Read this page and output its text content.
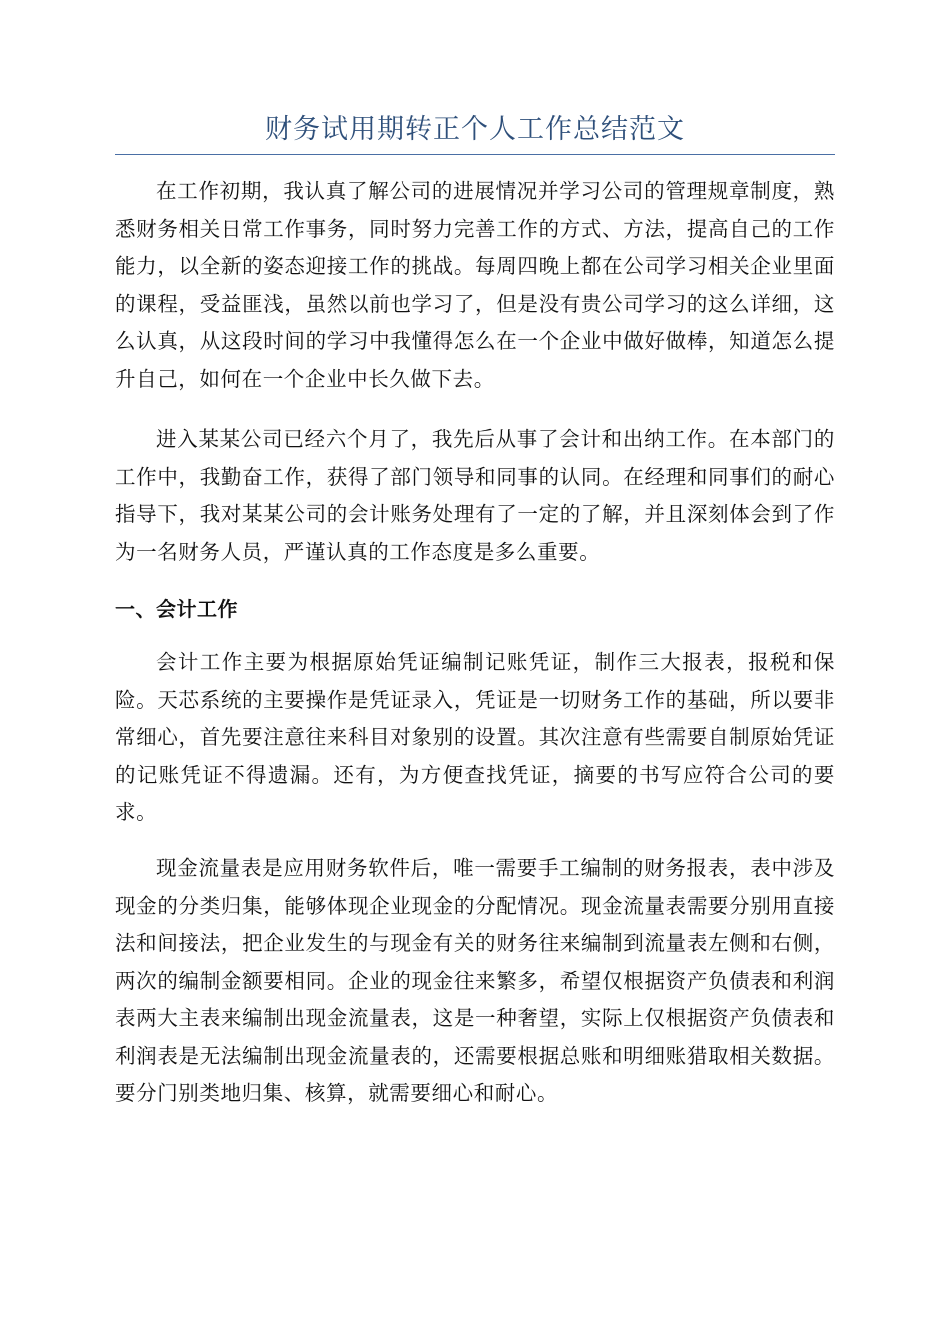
财务试用期转正个人工作总结范文

在工作初期，我认真了解公司的进展情况并学习公司的管理规章制度，熟悉财务相关日常工作事务，同时努力完善工作的方式、方法，提高自己的工作能力，以全新的姿态迎接工作的挑战。每周四晚上都在公司学习相关企业里面的课程，受益匪浅，虽然以前也学习了，但是没有贵公司学习的这么详细，这么认真，从这段时间的学习中我懂得怎么在一个企业中做好做棒，知道怎么提升自己，如何在一个企业中长久做下去。

进入某某公司已经六个月了，我先后从事了会计和出纳工作。在本部门的工作中，我勤奋工作，获得了部门领导和同事的认同。在经理和同事们的耐心指导下，我对某某公司的会计账务处理有了一定的了解，并且深刻体会到了作为一名财务人员，严谨认真的工作态度是多么重要。

一、会计工作

会计工作主要为根据原始凭证编制记账凭证，制作三大报表，报税和保险。天芯系统的主要操作是凭证录入，凭证是一切财务工作的基础，所以要非常细心，首先要注意往来科目对象别的设置。其次注意有些需要自制原始凭证的记账凭证不得遗漏。还有，为方便查找凭证，摘要的书写应符合公司的要求。

现金流量表是应用财务软件后，唯一需要手工编制的财务报表，表中涉及现金的分类归集，能够体现企业现金的分配情况。现金流量表需要分别用直接法和间接法，把企业发生的与现金有关的财务往来编制到流量表左侧和右侧，两次的编制金额要相同。企业的现金往来繁多，希望仅根据资产负债表和利润表两大主表来编制出现金流量表，这是一种奢望，实际上仅根据资产负债表和利润表是无法编制出现金流量表的，还需要根据总账和明细账猎取相关数据。要分门别类地归集、核算，就需要细心和耐心。
